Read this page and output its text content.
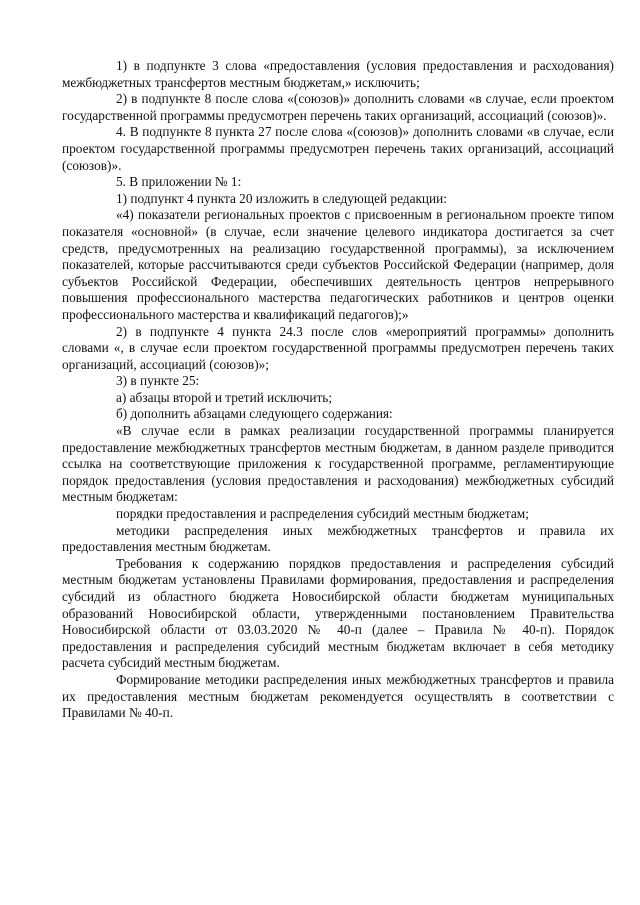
1) в подпункте 3 слова «предоставления (условия предоставления и расходования) межбюджетных трансфертов местным бюджетам,» исключить;

2) в подпункте 8 после слова «(союзов)» дополнить словами «в случае, если проектом государственной программы предусмотрен перечень таких организаций, ассоциаций (союзов)».

4. В подпункте 8 пункта 27 после слова «(союзов)» дополнить словами «в случае, если проектом государственной программы предусмотрен перечень таких организаций, ассоциаций (союзов)».

5. В приложении № 1:

1) подпункт 4 пункта 20 изложить в следующей редакции:

«4) показатели региональных проектов с присвоенным в региональном проекте типом показателя «основной» (в случае, если значение целевого индикатора достигается за счет средств, предусмотренных на реализацию государственной программы), за исключением показателей, которые рассчитываются среди субъектов Российской Федерации (например, доля субъектов Российской Федерации, обеспечивших деятельность центров непрерывного повышения профессионального мастерства педагогических работников и центров оценки профессионального мастерства и квалификаций педагогов);»

2) в подпункте 4 пункта 24.3 после слов «мероприятий программы» дополнить словами «, в случае если проектом государственной программы предусмотрен перечень таких организаций, ассоциаций (союзов)»;

3) в пункте 25:

а) абзацы второй и третий исключить;

б) дополнить абзацами следующего содержания:

«В случае если в рамках реализации государственной программы планируется предоставление межбюджетных трансфертов местным бюджетам, в данном разделе приводится ссылка на соответствующие приложения к государственной программе, регламентирующие порядок предоставления (условия предоставления и расходования) межбюджетных субсидий местным бюджетам:

порядки предоставления и распределения субсидий местным бюджетам;

методики распределения иных межбюджетных трансфертов и правила их предоставления местным бюджетам.

Требования к содержанию порядков предоставления и распределения субсидий местным бюджетам установлены Правилами формирования, предоставления и распределения субсидий из областного бюджета Новосибирской области бюджетам муниципальных образований Новосибирской области, утвержденными постановлением Правительства Новосибирской области от 03.03.2020 № 40-п (далее – Правила № 40-п). Порядок предоставления и распределения субсидий местным бюджетам включает в себя методику расчета субсидий местным бюджетам.

Формирование методики распределения иных межбюджетных трансфертов и правила их предоставления местным бюджетам рекомендуется осуществлять в соответствии с Правилами № 40-п.
